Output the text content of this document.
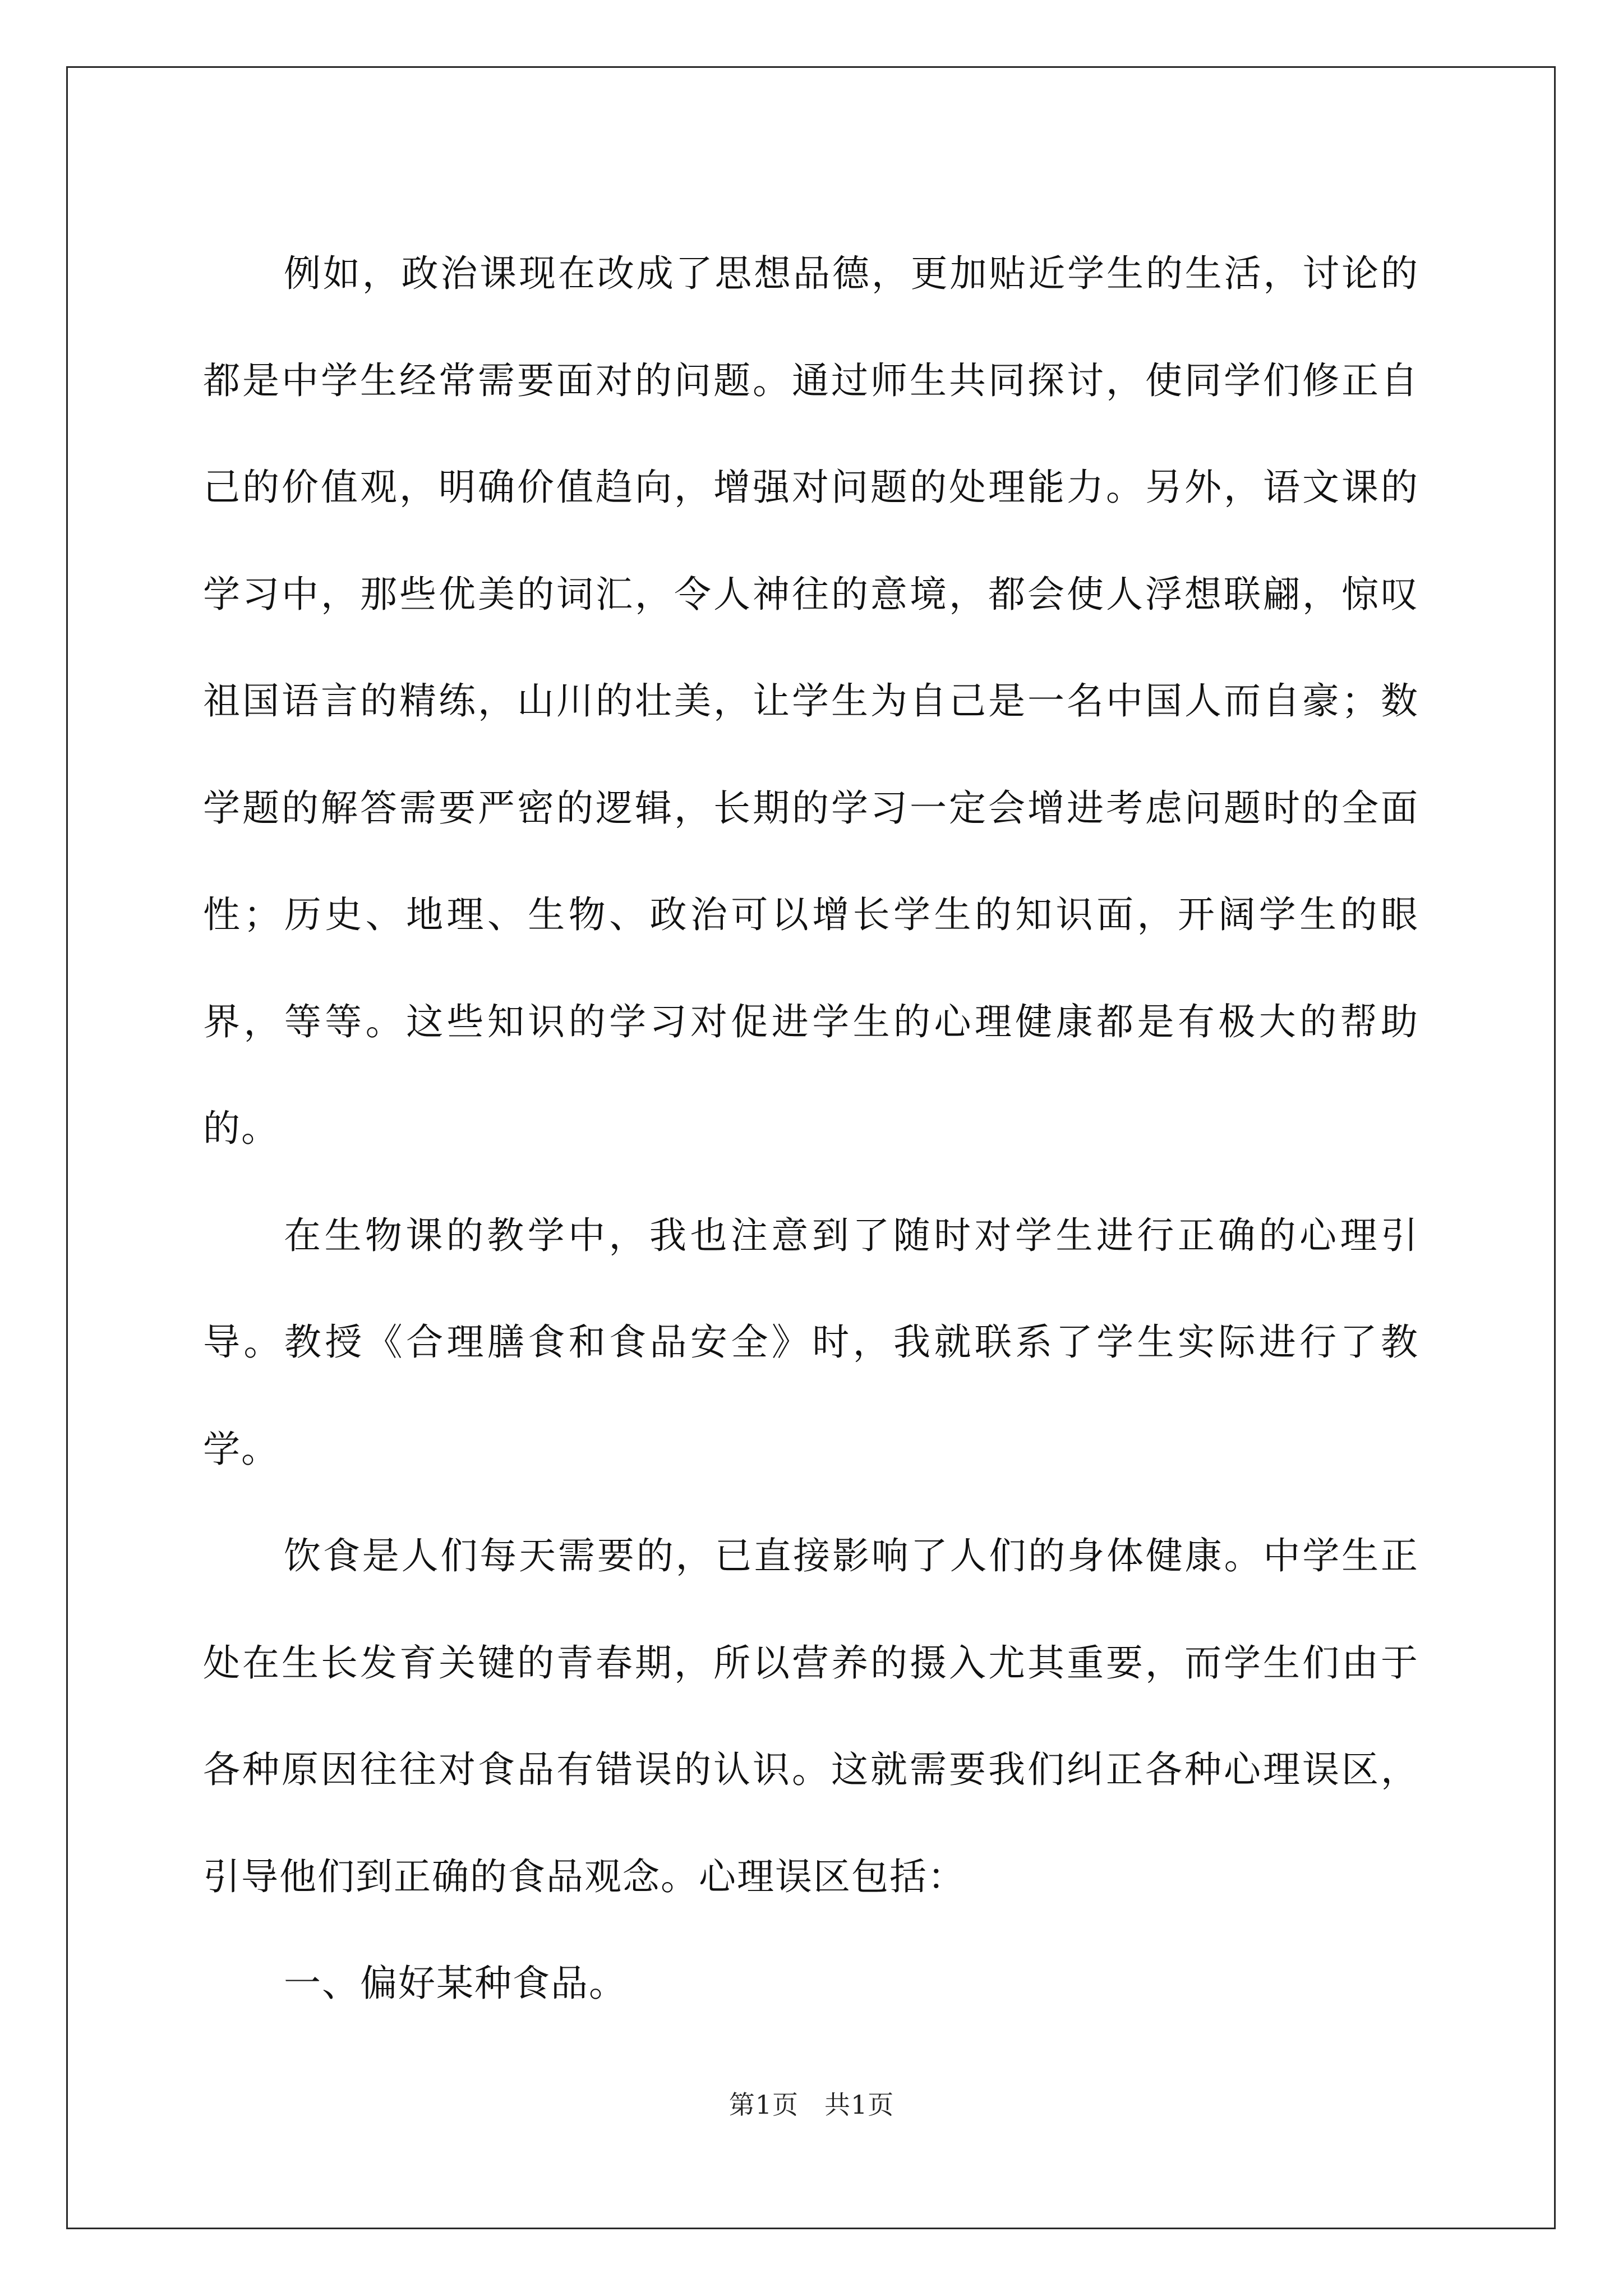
例如，政治课现在改成了思想品德，更加贴近学生的生活，讨论的都是中学生经常需要面对的问题。通过师生共同探讨，使同学们修正自己的价值观，明确价值趋向，增强对问题的处理能力。另外，语文课的学习中，那些优美的词汇，令人神往的意境，都会使人浮想联翩，惊叹祖国语言的精练，山川的壮美，让学生为自己是一名中国人而自豪；数学题的解答需要严密的逻辑，长期的学习一定会增进考虑问题时的全面性；历史、地理、生物、政治可以增长学生的知识面，开阔学生的眼界，等等。这些知识的学习对促进学生的心理健康都是有极大的帮助的。

在生物课的教学中，我也注意到了随时对学生进行正确的心理引导。教授《合理膳食和食品安全》时，我就联系了学生实际进行了教学。

饮食是人们每天需要的，已直接影响了人们的身体健康。中学生正处在生长发育关键的青春期，所以营养的摄入尤其重要，而学生们由于各种原因往往对食品有错误的认识。这就需要我们纠正各种心理误区，引导他们到正确的食品观念。心理误区包括：

一、偏好某种食品。

第1页 共1页
